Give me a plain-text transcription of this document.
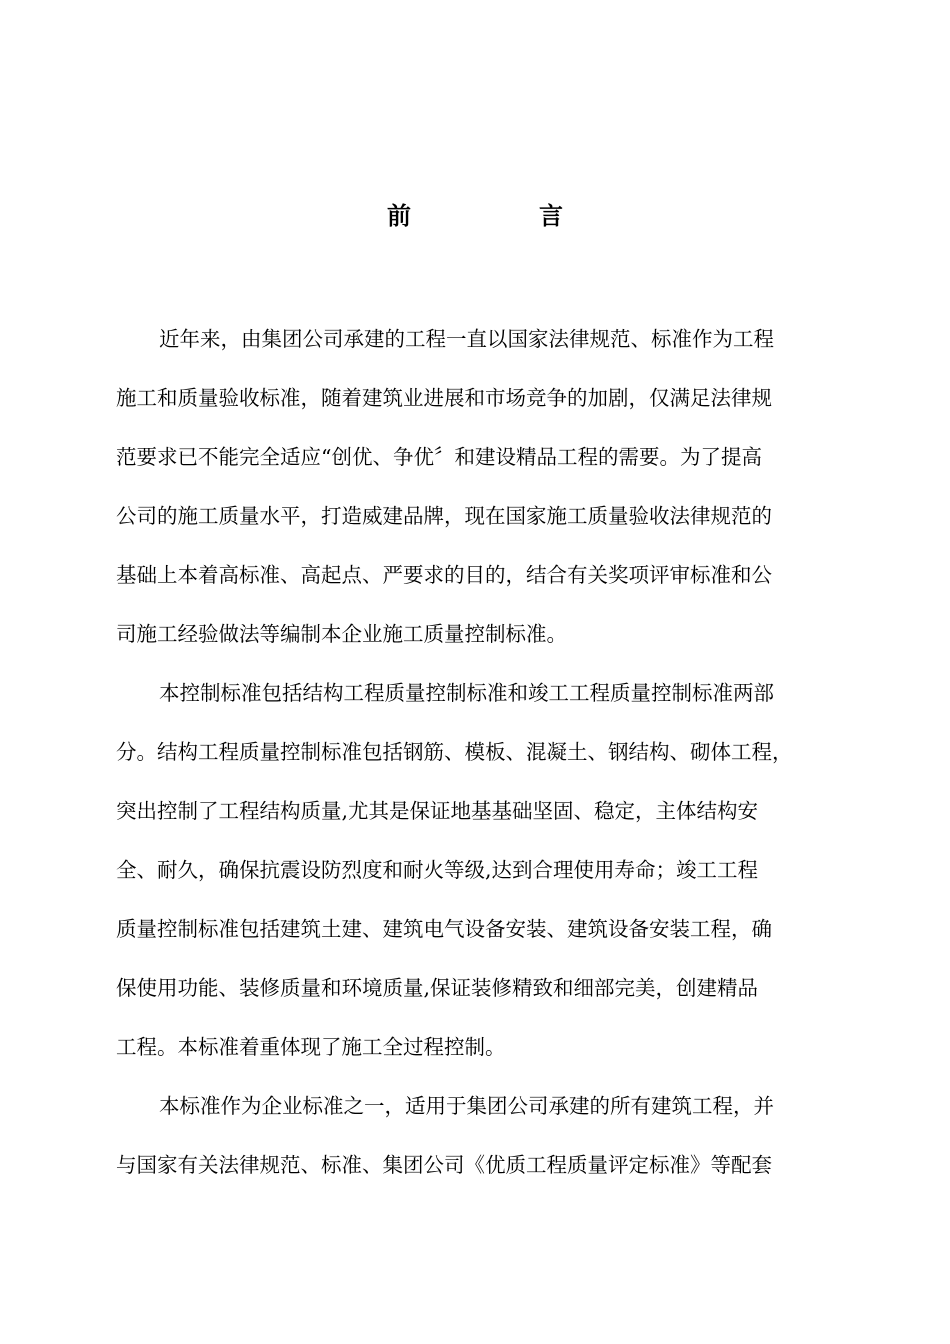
前　言

近年来，由集团公司承建的工程一直以国家法律规范、标准作为工程
施工和质量验收标准，随着建筑业进展和市场竞争的加剧，仅满足法律规
范要求已不能完全适应“创优、争优〞和建设精品工程的需要。为了提高
公司的施工质量水平，打造威建品牌，现在国家施工质量验收法律规范的
基础上本着高标准、高起点、严要求的目的，结合有关奖项评审标准和公
司施工经验做法等编制本企业施工质量控制标准。

本控制标准包括结构工程质量控制标准和竣工工程质量控制标准两部
分。结构工程质量控制标准包括钢筋、模板、混凝土、钢结构、砌体工程，
突出控制了工程结构质量,尤其是保证地基基础坚固、稳定，主体结构安
全、耐久，确保抗震设防烈度和耐火等级,达到合理使用寿命；竣工工程
质量控制标准包括建筑土建、建筑电气设备安装、建筑设备安装工程，确
保使用功能、装修质量和环境质量,保证装修精致和细部完美，创建精品
工程。本标准着重体现了施工全过程控制。

本标准作为企业标准之一，适用于集团公司承建的所有建筑工程，并
与国家有关法律规范、标准、集团公司《优质工程质量评定标准》等配套
